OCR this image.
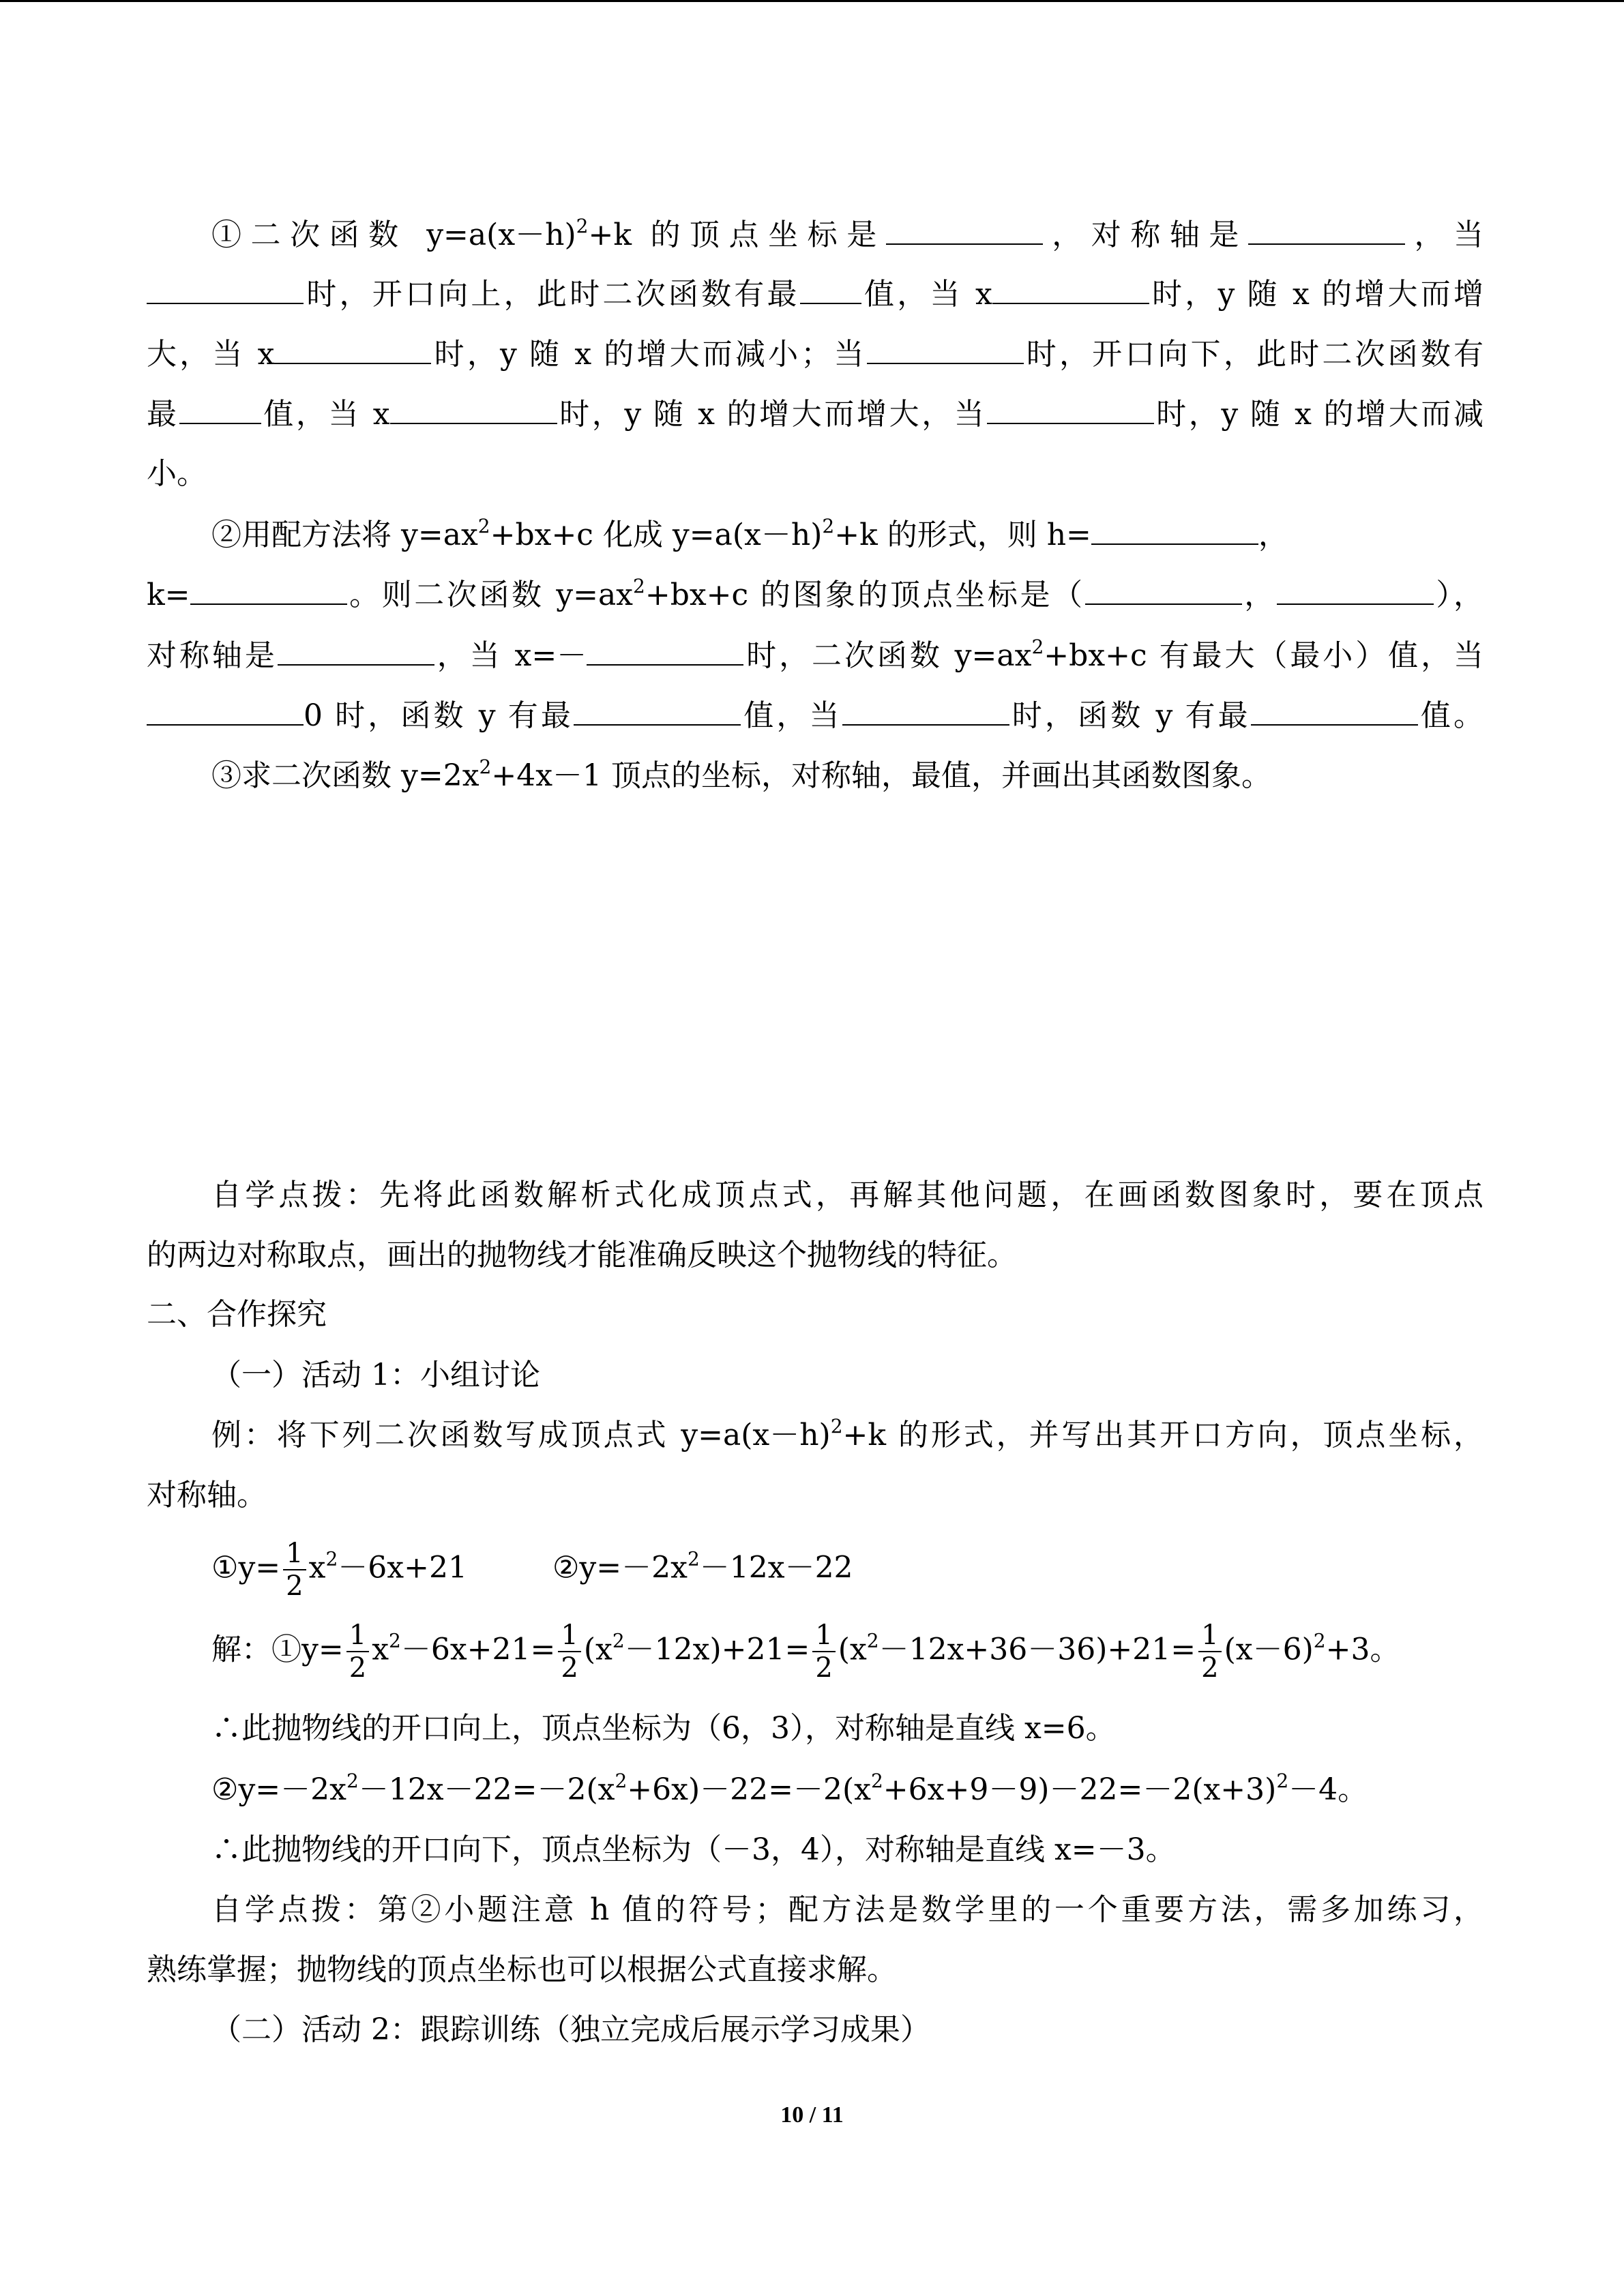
①二次函数 $y=a(x-h)^2+k$ 的顶点坐标是	，对称轴是	，当
时，开口向上，此时二次函数有最 值，当 x	时，y 随 x 的增大而增
大，当 x	时，y 随 x 的增大而减小；当	时，开口向下，此时二次函数有
最	值，当 x	时，y 随 x 的增大而增大，当	时，y 随 x 的增大而减
小。
②用配方法将 $y=ax^2+bx+c$ 化成 $y=a(x-h)^2+k$ 的形式，则 h=	，
k=	。则二次函数 $y=ax^2+bx+c$ 的图象的顶点坐标是（	，	），
对称轴是	，当 x=－	时，二次函数 $y=ax^2+bx+c$ 有最大（最小）值，当
0 时，函数 y 有最	值，当	时，函数 y 有最	值。
③求二次函数 $y=2x^2+4x-1$ 顶点的坐标，对称轴，最值，并画出其函数图象。
自学点拨：先将此函数解析式化成顶点式，再解其他问题，在画函数图象时，要在顶点
的两边对称取点，画出的抛物线才能准确反映这个抛物线的特征。
二、合作探究
（一）活动 1：小组讨论
例：将下列二次函数写成顶点式 $y=a(x-h)^2+k$ 的形式，并写出其开口方向，顶点坐标，
对称轴。
①y= $\frac{1}{2} x^2-6x+21$	$②y=-2x^2-12x-22$
解：①y= $\frac{1}{2} x^2-6x+21= \frac{1}{2} (x^2-12x)+21= \frac{1}{2} (x^2-12x+36-36)+21= \frac{1}{2} (x-6)^2+3$。
∴此抛物线的开口向上，顶点坐标为（6，3），对称轴是直线 x=6。
$②y=-2x^2-12x-22=-2(x^2+6x)-22=-2(x^2+6x+9-9)-22=-2(x+3)^2-4$。
∴此抛物线的开口向下，顶点坐标为（－3，4），对称轴是直线 x=－3。
自学点拨：第②小题注意 h 值的符号；配方法是数学里的一个重要方法，需多加练习，
熟练掌握；抛物线的顶点坐标也可以根据公式直接求解。
（二）活动 2：跟踪训练（独立完成后展示学习成果）
10 / 11
